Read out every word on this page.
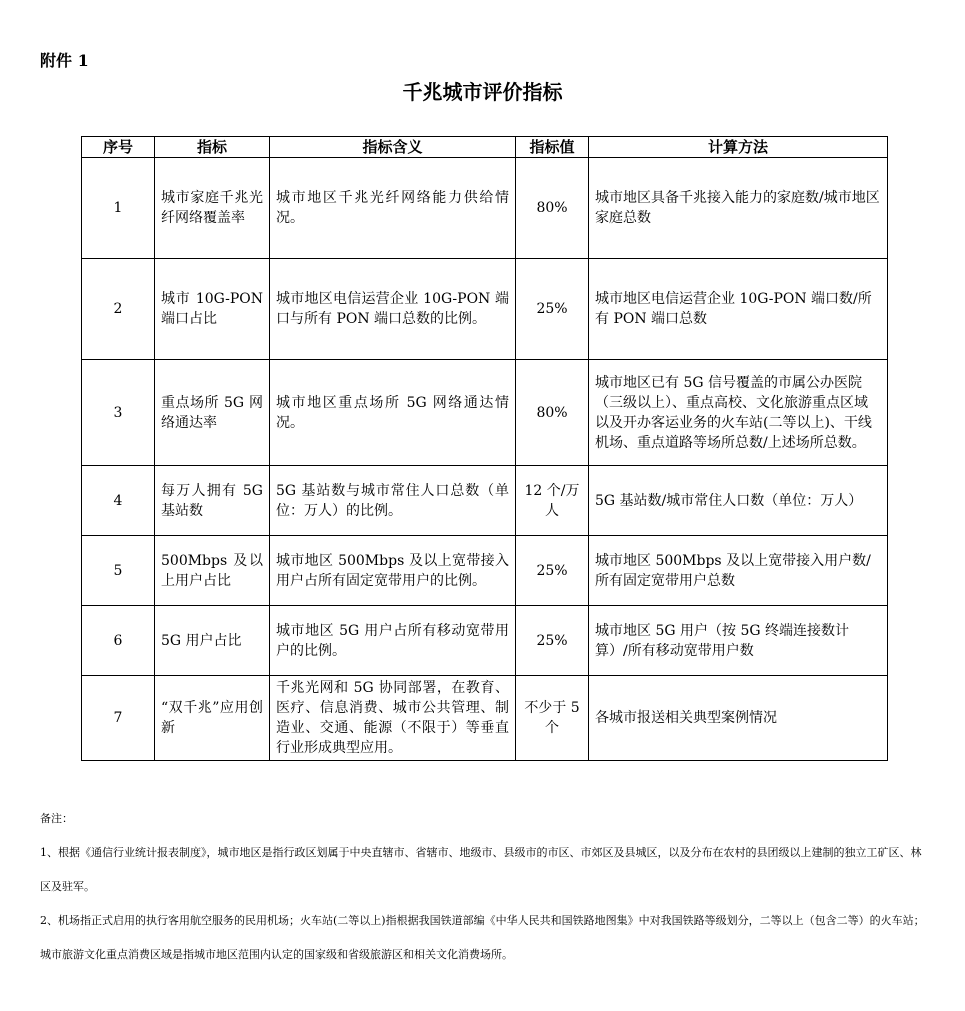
附件 1
千兆城市评价指标
序号	指标	指标含义	指标值	计算方法
1	城市家庭千兆光纤网络覆盖率	城市地区千兆光纤网络能力供给情况。	80%	城市地区具备千兆接入能力的家庭数/城市地区家庭总数
2	城市 10G-PON 端口占比	城市地区电信运营企业 10G-PON 端口与所有 PON 端口总数的比例。	25%	城市地区电信运营企业 10G-PON 端口数/所有 PON 端口总数
3	重点场所 5G 网络通达率	城市地区重点场所 5G 网络通达情况。	80%	城市地区已有 5G 信号覆盖的市属公办医院（三级以上）、重点高校、文化旅游重点区域以及开办客运业务的火车站(二等以上)、干线机场、重点道路等场所总数/上述场所总数。
4	每万人拥有 5G 基站数	5G 基站数与城市常住人口总数（单位：万人）的比例。	12 个/万人	5G 基站数/城市常住人口数（单位：万人）
5	500Mbps 及以上用户占比	城市地区 500Mbps 及以上宽带接入用户占所有固定宽带用户的比例。	25%	城市地区 500Mbps 及以上宽带接入用户数/所有固定宽带用户总数
6	5G 用户占比	城市地区 5G 用户占所有移动宽带用户的比例。	25%	城市地区 5G 用户（按 5G 终端连接数计算）/所有移动宽带用户数
7	“双千兆”应用创新	千兆光网和 5G 协同部署，在教育、医疗、信息消费、城市公共管理、制造业、交通、能源（不限于）等垂直行业形成典型应用。	不少于 5 个	各城市报送相关典型案例情况

备注：

1、根据《通信行业统计报表制度》，城市地区是指行政区划属于中央直辖市、省辖市、地级市、县级市的市区、市郊区及县城区，以及分布在农村的县团级以上建制的独立工矿区、林区及驻军。

2、机场指正式启用的执行客用航空服务的民用机场；火车站(二等以上)指根据我国铁道部编《中华人民共和国铁路地图集》中对我国铁路等级划分，二等以上（包含二等）的火车站；城市旅游文化重点消费区域是指城市地区范围内认定的国家级和省级旅游区和相关文化消费场所。
